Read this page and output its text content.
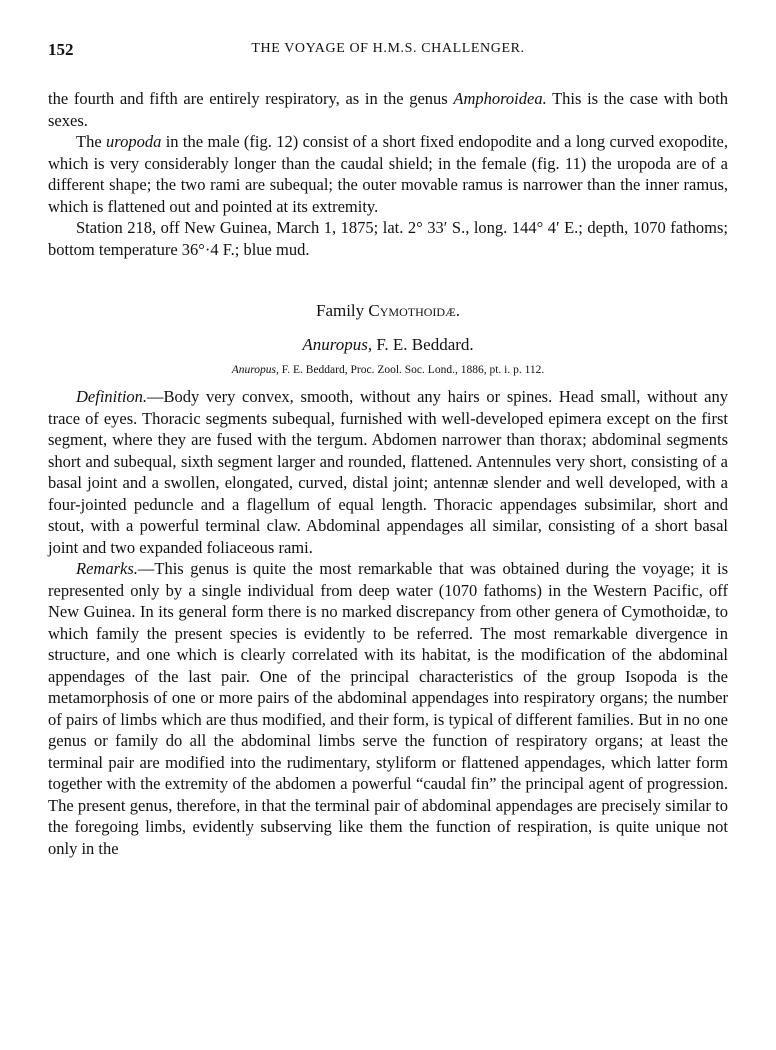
152	THE VOYAGE OF H.M.S. CHALLENGER.

the fourth and fifth are entirely respiratory, as in the genus Amphoroidea. This is the case with both sexes.

The uropoda in the male (fig. 12) consist of a short fixed endopodite and a long curved exopodite, which is very considerably longer than the caudal shield; in the female (fig. 11) the uropoda are of a different shape; the two rami are subequal; the outer movable ramus is narrower than the inner ramus, which is flattened out and pointed at its extremity.

Station 218, off New Guinea, March 1, 1875; lat. 2° 33′ S., long. 144° 4′ E.; depth, 1070 fathoms; bottom temperature 36°·4 F.; blue mud.

Family Cymothoidæ.
Anuropus, F. E. Beddard.
Anuropus, F. E. Beddard, Proc. Zool. Soc. Lond., 1886, pt. i. p. 112.

Definition.—Body very convex, smooth, without any hairs or spines. Head small, without any trace of eyes. Thoracic segments subequal, furnished with well-developed epimera except on the first segment, where they are fused with the tergum. Abdomen narrower than thorax; abdominal segments short and subequal, sixth segment larger and rounded, flattened. Antennules very short, consisting of a basal joint and a swollen, elongated, curved, distal joint; antennæ slender and well developed, with a four-jointed peduncle and a flagellum of equal length. Thoracic appendages subsimilar, short and stout, with a powerful terminal claw. Abdominal appendages all similar, consisting of a short basal joint and two expanded foliaceous rami.

Remarks.—This genus is quite the most remarkable that was obtained during the voyage; it is represented only by a single individual from deep water (1070 fathoms) in the Western Pacific, off New Guinea. In its general form there is no marked discrepancy from other genera of Cymothoidæ, to which family the present species is evidently to be referred. The most remarkable divergence in structure, and one which is clearly correlated with its habitat, is the modification of the abdominal appendages of the last pair. One of the principal characteristics of the group Isopoda is the metamorphosis of one or more pairs of the abdominal appendages into respiratory organs; the number of pairs of limbs which are thus modified, and their form, is typical of different families. But in no one genus or family do all the abdominal limbs serve the function of respiratory organs; at least the terminal pair are modified into the rudimentary, styliform or flattened appendages, which latter form together with the extremity of the abdomen a powerful “caudal fin” the principal agent of progression. The present genus, therefore, in that the terminal pair of abdominal appendages are precisely similar to the foregoing limbs, evidently subserving like them the function of respiration, is quite unique not only in the
